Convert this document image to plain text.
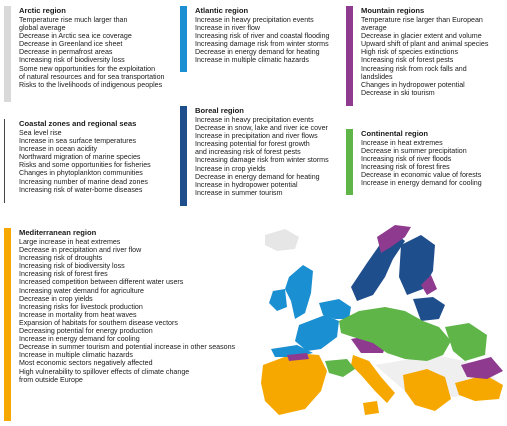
Arctic region
Temperature rise much larger than
global average
Decrease in Arctic sea ice coverage
Decrease in Greenland ice sheet
Decrease in permafrost areas
Increasing risk of biodiversity loss
Some new opportunities for the exploitation
of natural resources and for sea transportation
Risks to the livelihoods of indigenous peoples
Atlantic region
Increase in heavy precipitation events
Increase in river flow
Increasing risk of river and coastal flooding
Increasing damage risk from winter storms
Decrease in energy demand for heating
Increase in multiple climatic hazards
Mountain regions
Temperature rise larger than European
average
Decrease in glacier extent and volume
Upward shift of plant and animal species
High risk of species extinctions
Increasing risk of forest pests
Increasing risk from rock falls and
landslides
Changes in hydropower potential
Decrease in ski tourism
Coastal zones and regional seas
Sea level rise
Increase in sea surface temperatures
Increase in ocean acidity
Northward migration of marine species
Risks and some opportunities for fisheries
Changes in phytoplankton communities
Increasing number of marine dead zones
Increasing risk of water-borne diseases
Boreal region
Increase in heavy precipitation events
Decrease in snow, lake and river ice cover
Increase in precipitation and river flows
Increasing potential for forest growth
and increasing risk of forest pests
Increasing damage risk from winter storms
Increase in crop yields
Decrease in energy demand for heating
Increase in hydropower potential
Increase in summer tourism
Continental region
Increase in heat extremes
Decrease in summer precipitation
Increasing risk of river floods
Increasing risk of forest fires
Decrease in economic value of forests
Increase in energy demand for cooling
Mediterranean region
Large increase in heat extremes
Decrease in precipitation and river flow
Increasing risk of droughts
Increasing risk of biodiversity loss
Increasing risk of forest fires
Increased competition between different water users
Increasing water demand for agriculture
Decrease in crop yields
Increasing risks for livestock production
Increase in mortality from heat waves
Expansion of habitats for southern disease vectors
Decreasing potential for energy production
Increase in energy demand for cooling
Decrease in summer tourism and potential increase in other seasons
Increase in multiple climatic hazards
Most economic sectors negatively affected
High vulnerability to spillover effects of climate change
from outside Europe
